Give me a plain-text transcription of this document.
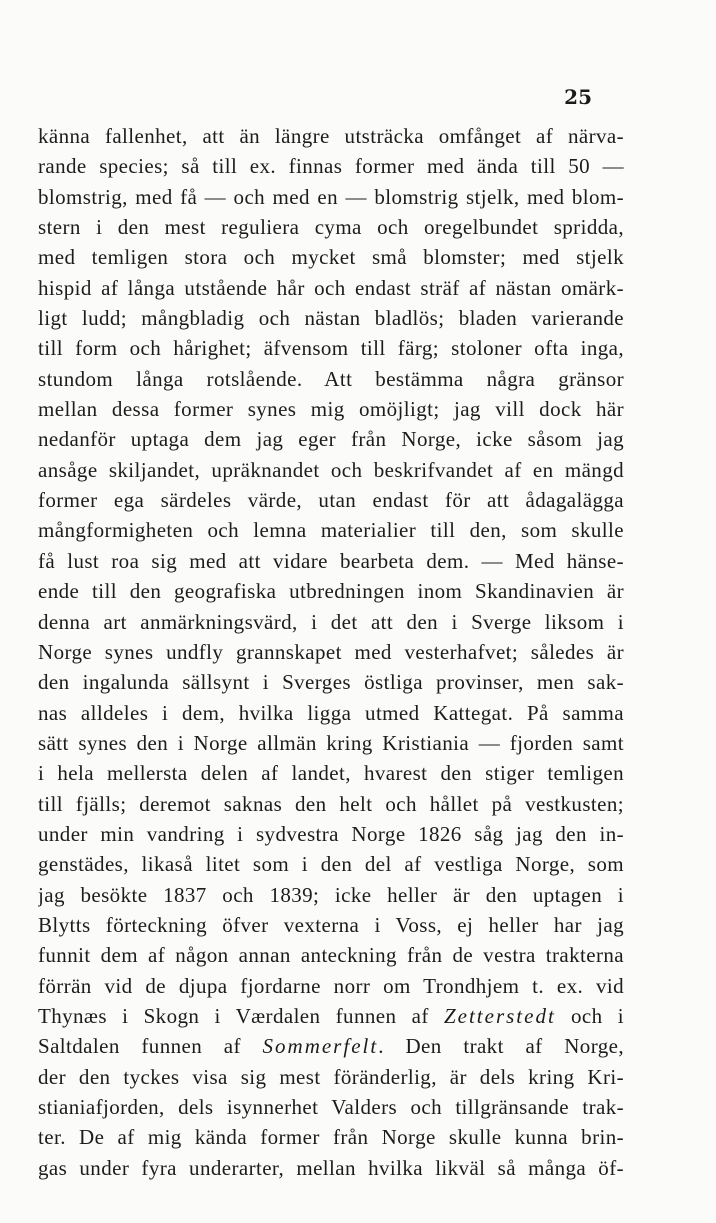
25
känna fallenhet, att än längre utsträcka omfånget af närva-
rande species; så till ex. finnas former med ända till 50 —
blomstrig, med få — och med en — blomstrig stjelk, med blom-
stern i den mest reguliera cyma och oregelbundet spridda,
med temligen stora och mycket små blomster; med stjelk
hispid af långa utstående hår och endast sträf af nästan omärk-
ligt ludd; mångbladig och nästan bladlös; bladen varierande
till form och hårighet; äfvensom till färg; stoloner ofta inga,
stundom långa rotslående. Att bestämma några gränsor
mellan dessa former synes mig omöjligt; jag vill dock här
nedanför uptaga dem jag eger från Norge, icke såsom jag
ansåge skiljandet, upräknandet och beskrifvandet af en mängd
former ega särdeles värde, utan endast för att ådagalägga
mångformigheten och lemna materialier till den, som skulle
få lust roa sig med att vidare bearbeta dem. — Med hänse-
ende till den geografiska utbredningen inom Skandinavien är
denna art anmärkningsvärd, i det att den i Sverge liksom i
Norge synes undfly grannskapet med vesterhafvet; således är
den ingalunda sällsynt i Sverges östliga provinser, men sak-
nas alldeles i dem, hvilka ligga utmed Kattegat. På samma
sätt synes den i Norge allmän kring Kristiania — fjorden samt
i hela mellersta delen af landet, hvarest den stiger temligen
till fjälls; deremot saknas den helt och hållet på vestkusten;
under min vandring i sydvestra Norge 1826 såg jag den in-
genstädes, likaså litet som i den del af vestliga Norge, som
jag besökte 1837 och 1839; icke heller är den uptagen i
Blytts förteckning öfver vexterna i Voss, ej heller har jag
funnit dem af någon annan anteckning från de vestra trakterna
förrän vid de djupa fjordarne norr om Trondhjem t. ex. vid
Thynæs i Skogn i Værdalen funnen af Zetterstedt och i
Saltdalen funnen af Sommerfelt. Den trakt af Norge,
der den tyckes visa sig mest föränderlig, är dels kring Kri-
stianiafjorden, dels isynnerhet Valders och tillgränsande trak-
ter. De af mig kända former från Norge skulle kunna brin-
gas under fyra underarter, mellan hvilka likväl så många öf-
